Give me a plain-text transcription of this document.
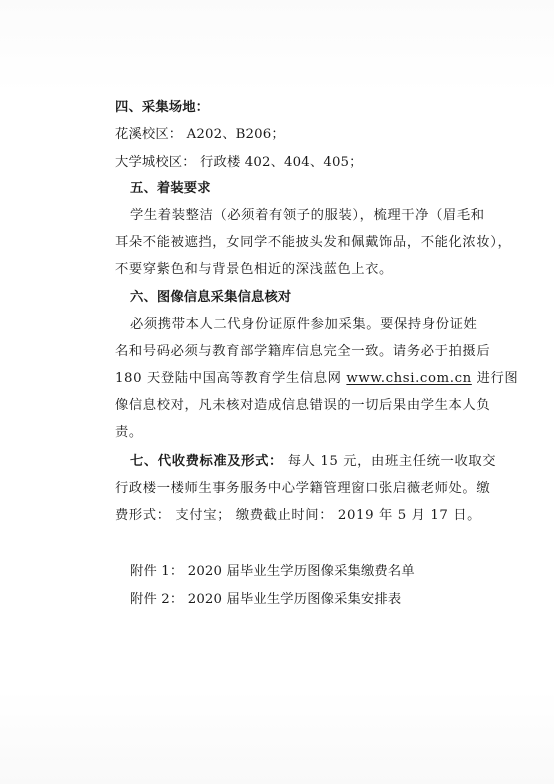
四、采集场地：
花溪校区： A202、B206；
大学城校区： 行政楼 402、404、405；
五、着装要求
学生着装整洁（必须着有领子的服装），梳理干净（眉毛和
耳朵不能被遮挡，女同学不能披头发和佩戴饰品，不能化浓妆），
不要穿紫色和与背景色相近的深浅蓝色上衣。
六、图像信息采集信息核对
必须携带本人二代身份证原件参加采集。要保持身份证姓
名和号码必须与教育部学籍库信息完全一致。请务必于拍摄后
180 天登陆中国高等教育学生信息网 www.chsi.com.cn 进行图
像信息校对，凡未核对造成信息错误的一切后果由学生本人负
责。
七、代收费标准及形式： 每人 15 元，由班主任统一收取交
行政楼一楼师生事务服务中心学籍管理窗口张启薇老师处。缴
费形式： 支付宝； 缴费截止时间： 2019 年 5 月 17 日。
附件 1： 2020 届毕业生学历图像采集缴费名单
附件 2： 2020 届毕业生学历图像采集安排表
